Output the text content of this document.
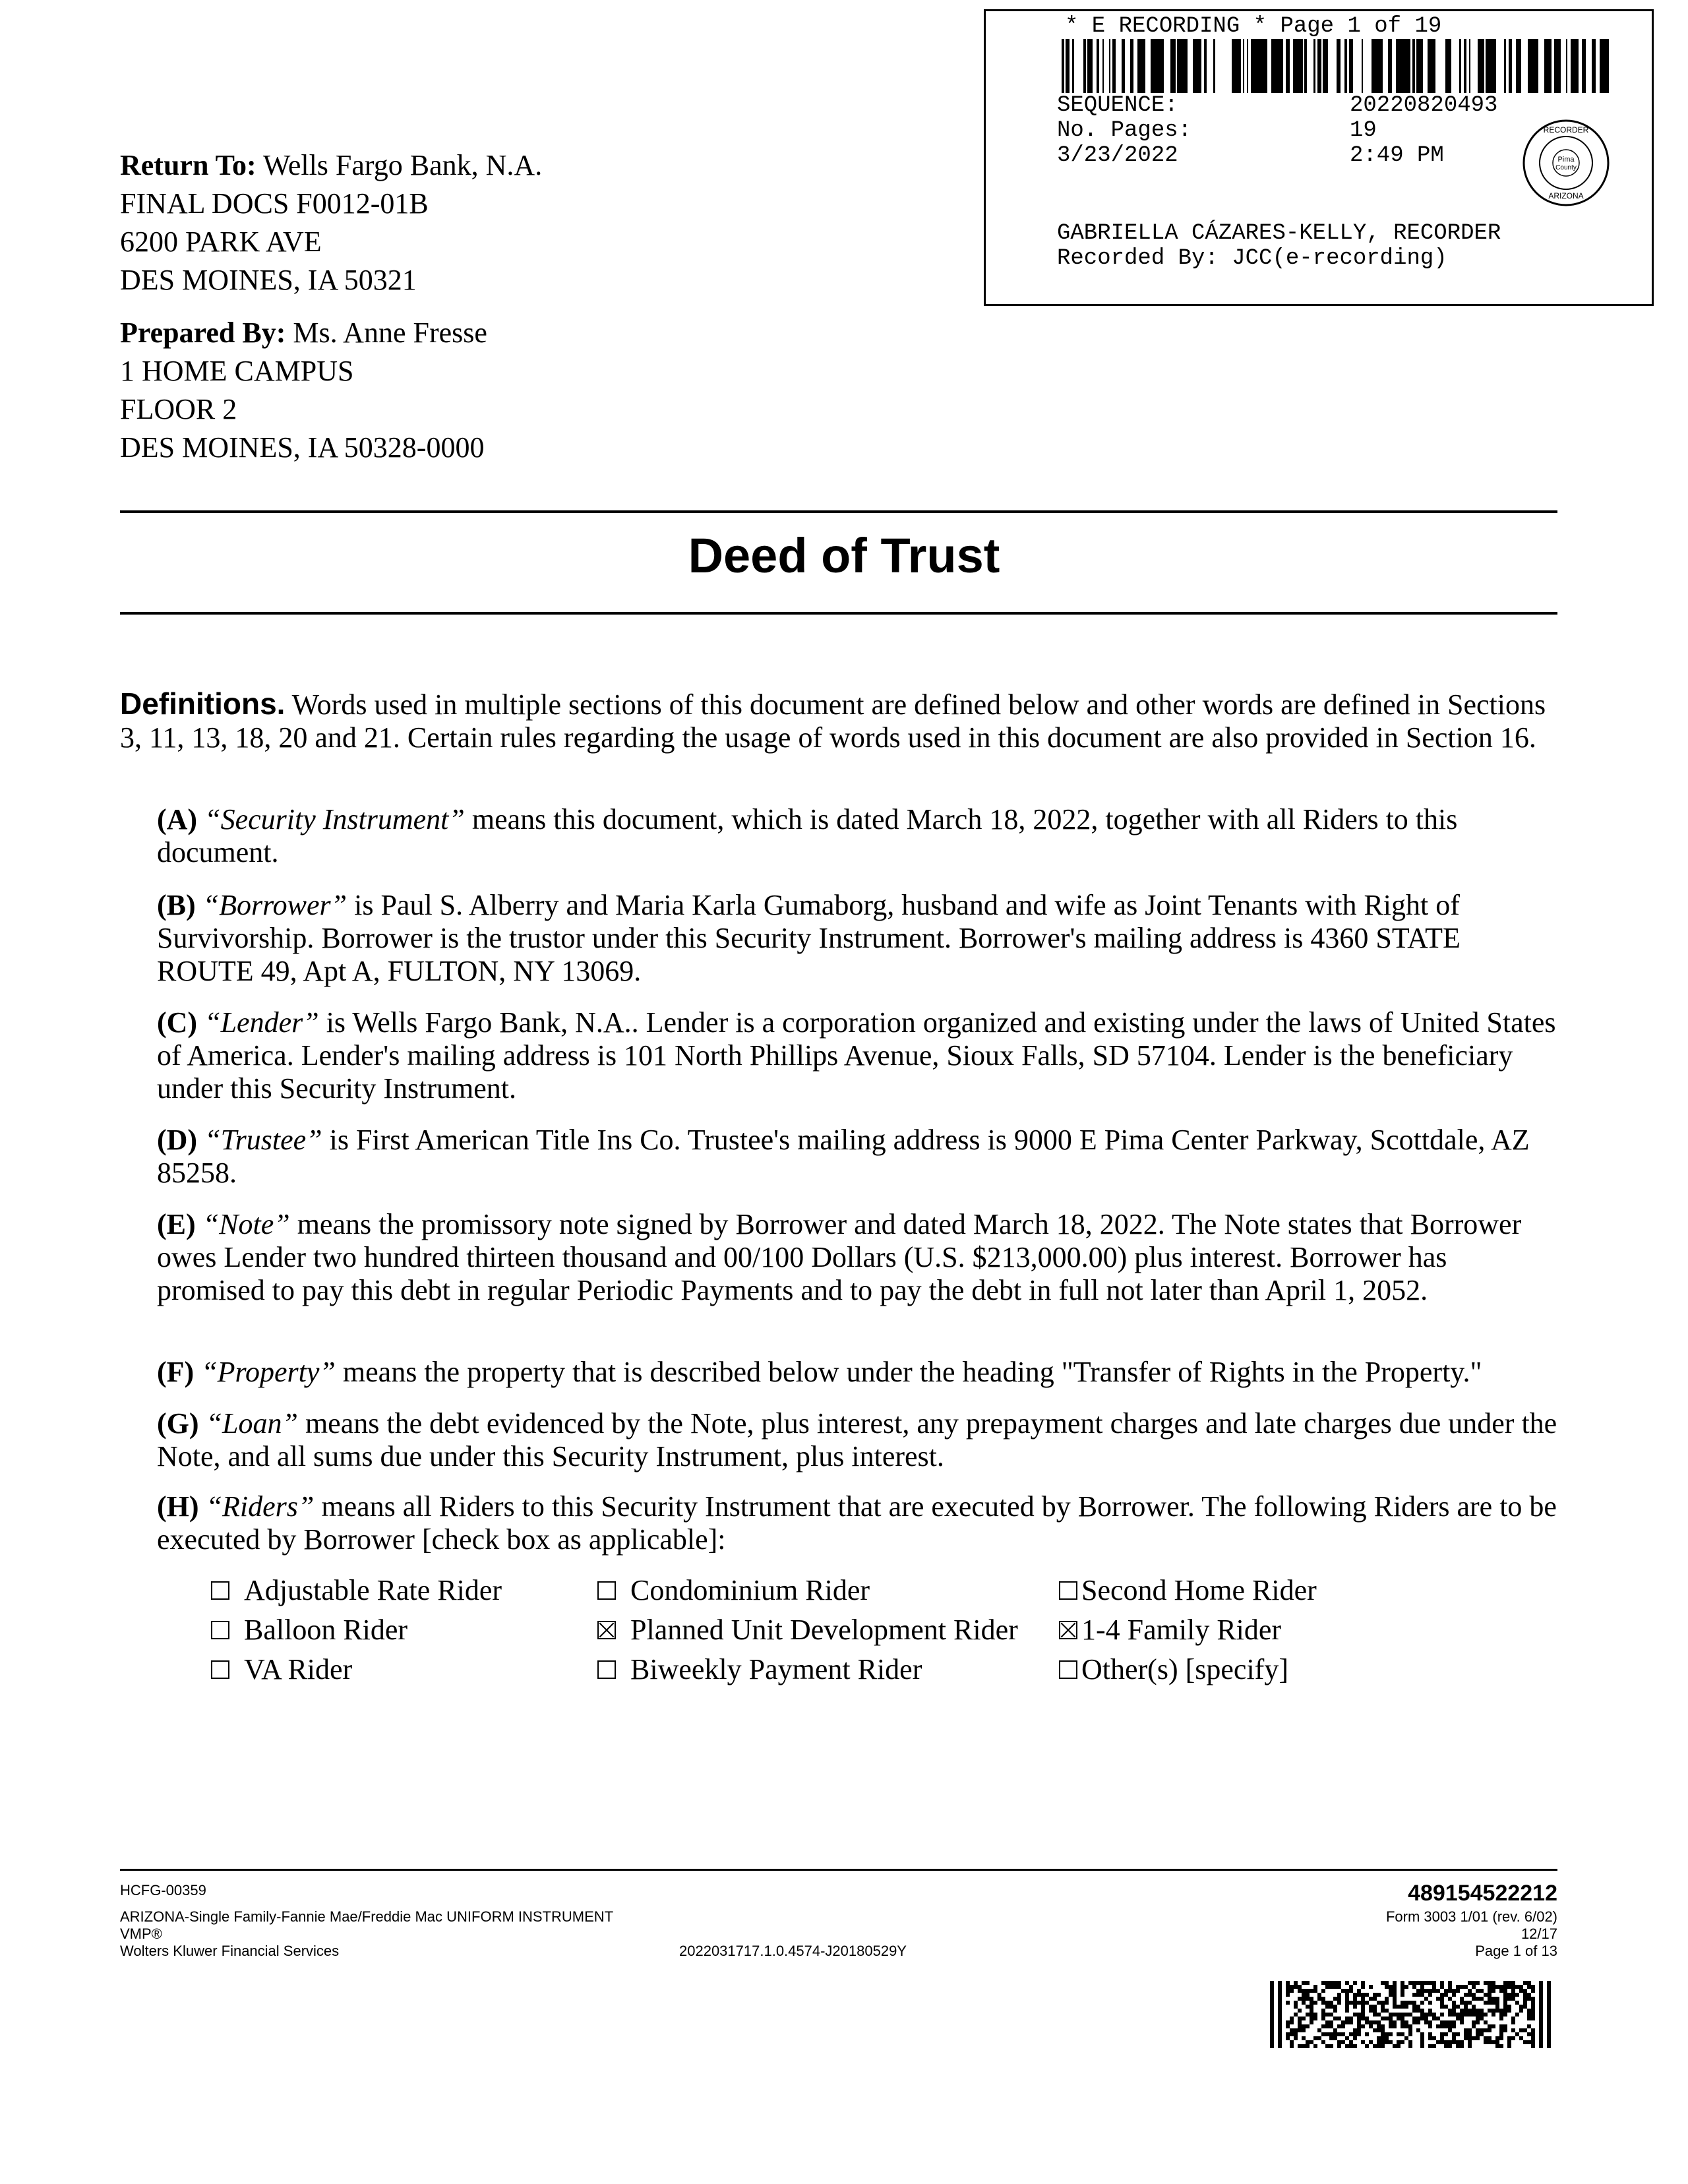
* E RECORDING * Page 1 of 19
SEQUENCE:	20220820493
No. Pages:	19
3/23/2022	2:49 PM	Pima
County
RECORDER
ARIZONA
GABRIELLA CÁZARES-KELLY, RECORDER
Recorded By: JCC(e-recording)
Return To: Wells Fargo Bank, N.A.
FINAL DOCS F0012-01B
6200 PARK AVE
DES MOINES, IA 50321
Prepared By: Ms. Anne Fresse
1 HOME CAMPUS
FLOOR 2
DES MOINES, IA 50328-0000
Deed of Trust
Definitions. Words used in multiple sections of this document are defined below and other words are defined in Sections 3, 11, 13, 18, 20 and 21. Certain rules regarding the usage of words used in this document are also provided in Section 16.
(A) “Security Instrument” means this document, which is dated March 18, 2022, together with all Riders to this document.
(B) “Borrower” is Paul S. Alberry and Maria Karla Gumaborg, husband and wife as Joint Tenants with Right of Survivorship. Borrower is the trustor under this Security Instrument. Borrower's mailing address is 4360 STATE ROUTE 49, Apt A, FULTON, NY 13069.
(C) “Lender” is Wells Fargo Bank, N.A.. Lender is a corporation organized and existing under the laws of United States of America. Lender's mailing address is 101 North Phillips Avenue, Sioux Falls, SD 57104. Lender is the beneficiary under this Security Instrument.
(D) “Trustee” is First American Title Ins Co. Trustee's mailing address is 9000 E Pima Center Parkway, Scottdale, AZ 85258.
(E) “Note” means the promissory note signed by Borrower and dated March 18, 2022. The Note states that Borrower owes Lender two hundred thirteen thousand and 00/100 Dollars (U.S. $213,000.00) plus interest. Borrower has promised to pay this debt in regular Periodic Payments and to pay the debt in full not later than April 1, 2052.
(F) “Property” means the property that is described below under the heading "Transfer of Rights in the Property."
(G) “Loan” means the debt evidenced by the Note, plus interest, any prepayment charges and late charges due under the Note, and all sums due under this Security Instrument, plus interest.
(H) “Riders” means all Riders to this Security Instrument that are executed by Borrower. The following Riders are to be executed by Borrower [check box as applicable]:
Adjustable Rate Rider	Condominium Rider	Second Home Rider
Balloon Rider	Planned Unit Development Rider	1-4 Family Rider
VA Rider	Biweekly Payment Rider	Other(s) [specify]
HCFG-00359
ARIZONA-Single Family-Fannie Mae/Freddie Mac UNIFORM INSTRUMENT
VMP®
Wolters Kluwer Financial Services	2022031717.1.0.4574-J20180529Y
489154522212
Form 3003 1/01 (rev. 6/02)
12/17
Page 1 of 13
